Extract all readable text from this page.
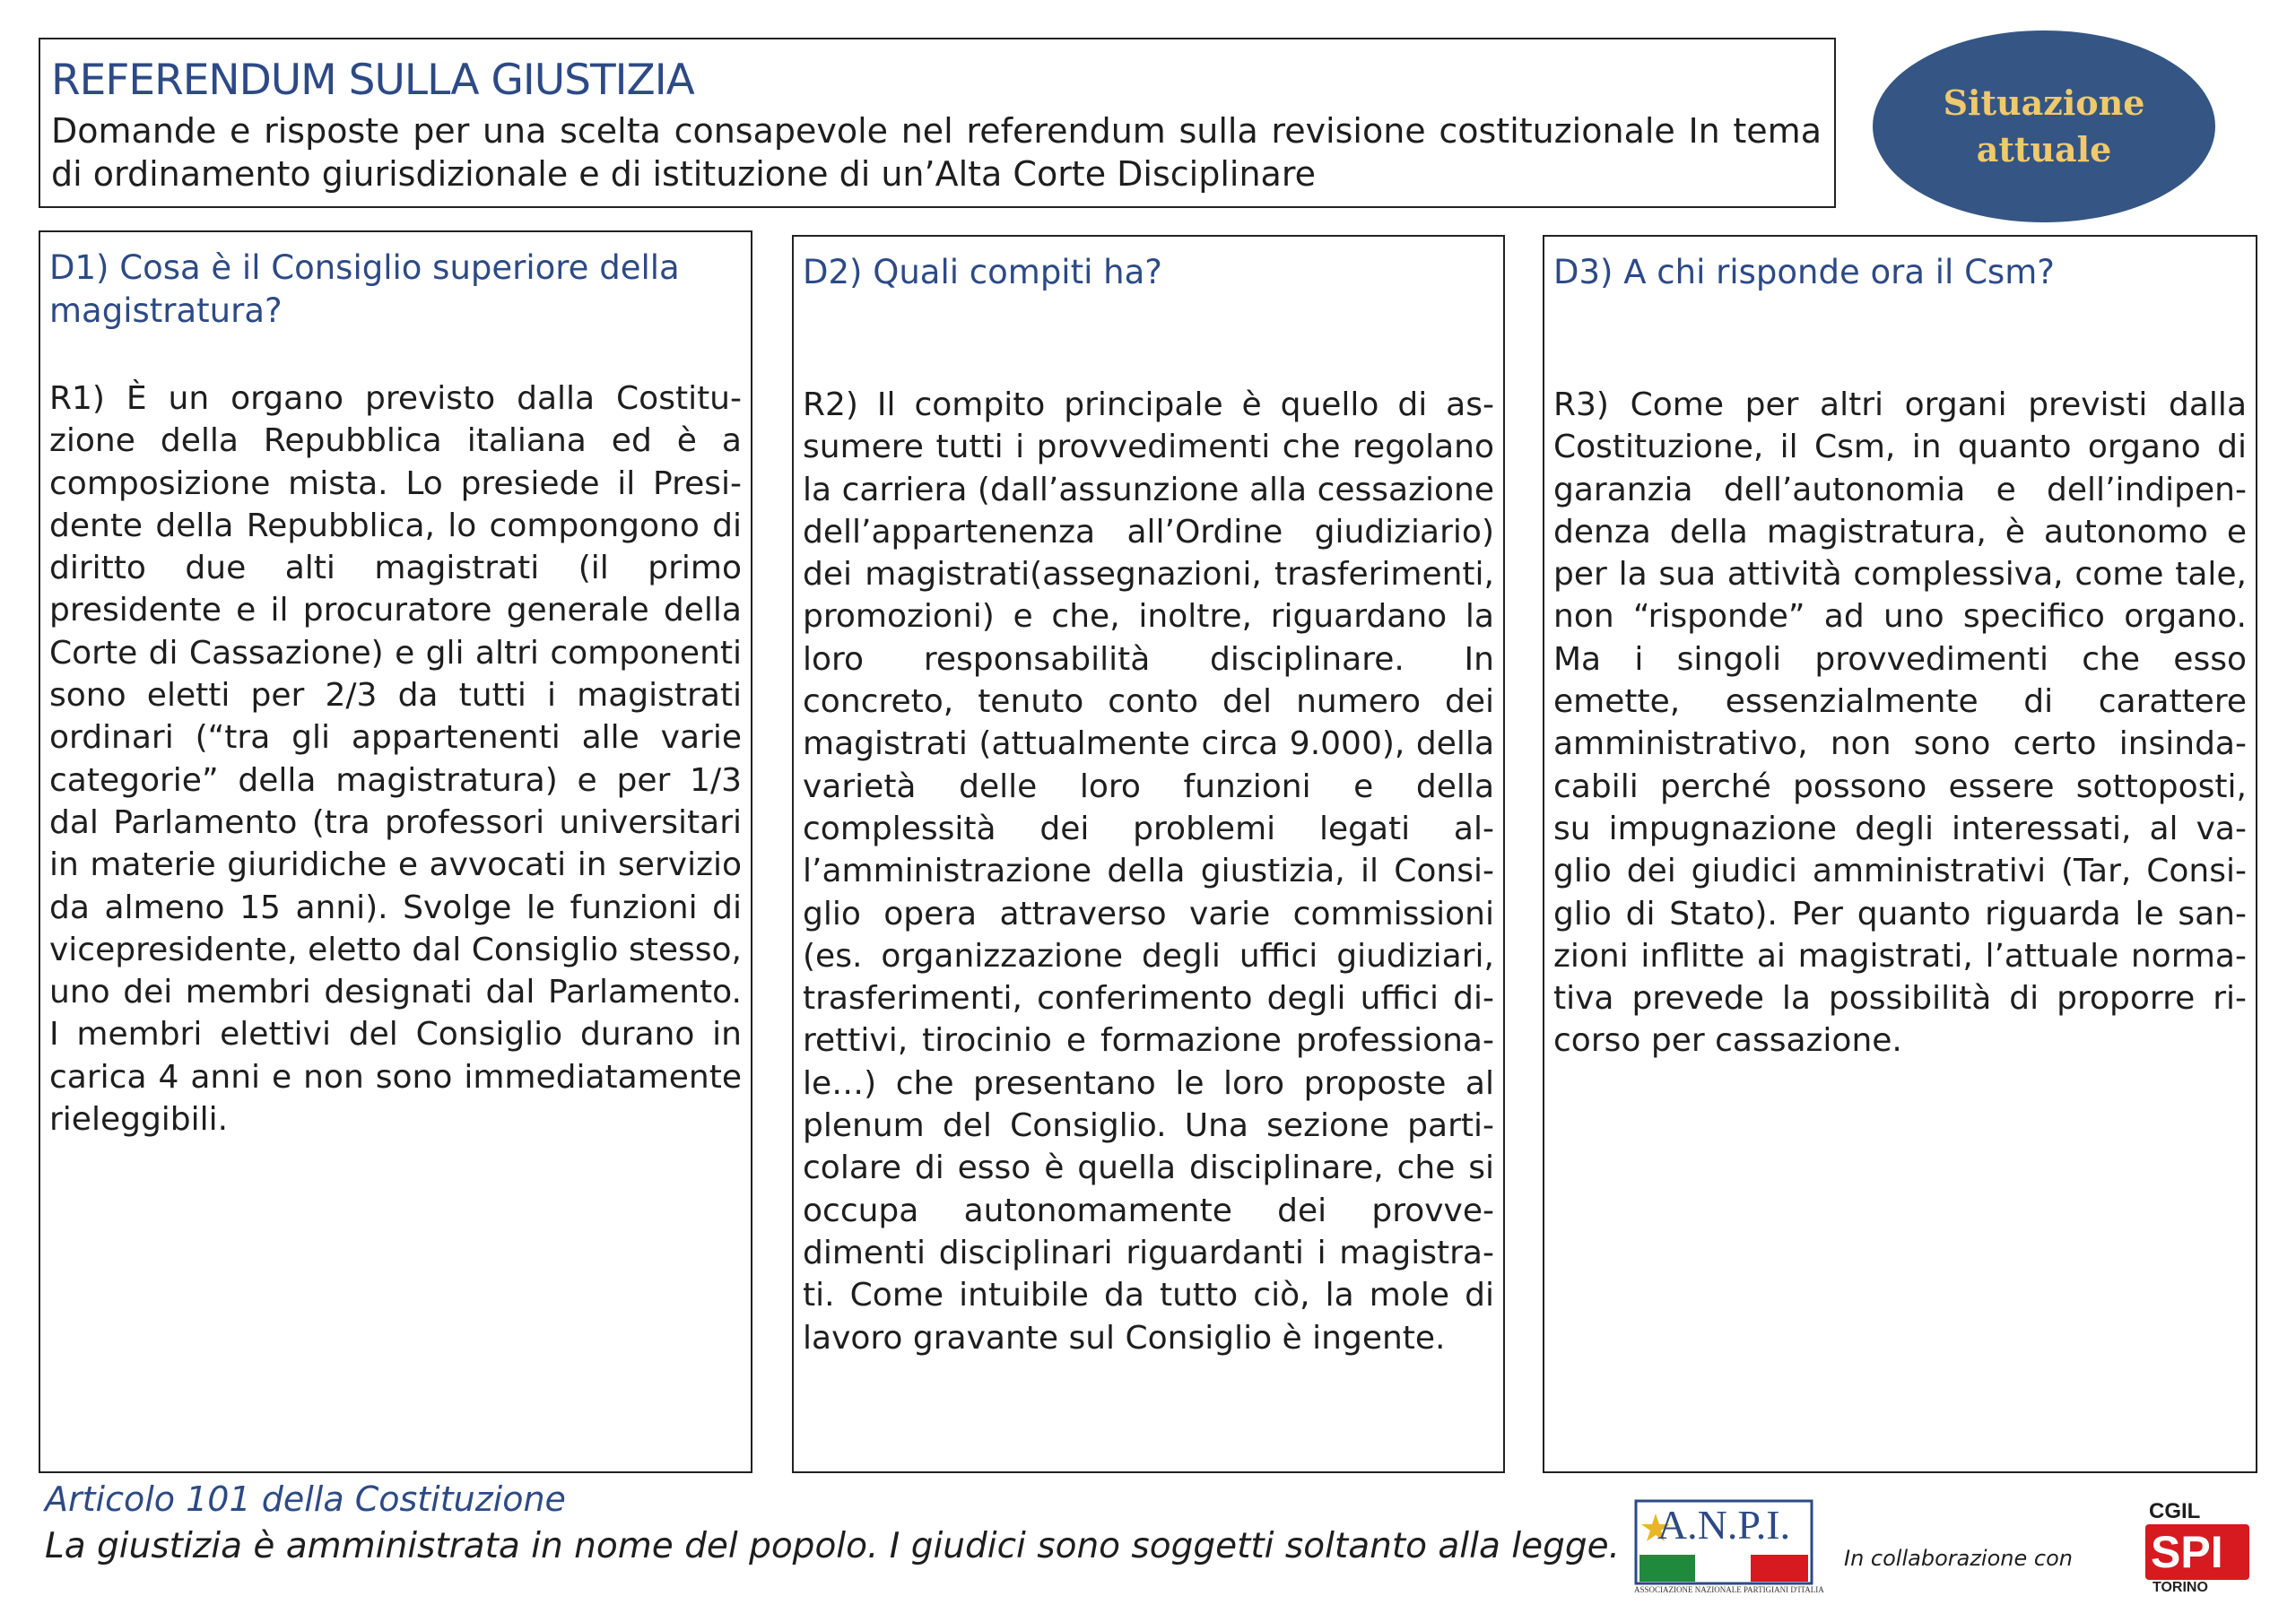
REFERENDUM SULLA GIUSTIZIA

Domande e risposte per una scelta consapevole nel referendum sulla revisione costituzionale In tema di ordinamento giurisdizionale e di istituzione di un’Alta Corte Disciplinare

Situazione attuale

D1) Cosa è il Consiglio superiore della magistratura?

R1) È un organo previsto dalla Costituzione della Repubblica italiana ed è a composizione mista. Lo presiede il Presidente della Repubblica, lo compongono di diritto due alti magistrati (il primo presidente e il procuratore generale della Corte di Cassazione) e gli altri componenti sono eletti per 2/3 da tutti i magistrati ordinari (“tra gli appartenenti alle varie categorie” della magistratura) e per 1/3 dal Parlamento (tra professori universitari in materie giuridiche e avvocati in servizio da almeno 15 anni). Svolge le funzioni di vicepresidente, eletto dal Consiglio stesso, uno dei membri designati dal Parlamento. I membri elettivi del Consiglio durano in carica 4 anni e non sono immediatamente rieleggibili.

D2) Quali compiti ha?

R2) Il compito principale è quello di assumere tutti i provvedimenti che regolano la carriera (dall’assunzione alla cessazione dell’appartenenza all’Ordine giudiziario) dei magistrati(assegnazioni, trasferimenti, promozioni) e che, inoltre, riguardano la loro responsabilità disciplinare. In concreto, tenuto conto del numero dei magistrati (attualmente circa 9.000), della varietà delle loro funzioni e della complessità dei problemi legati all’amministrazione della giustizia, il Consiglio opera attraverso varie commissioni (es. organizzazione degli uffici giudiziari, trasferimenti, conferimento degli uffici direttivi, tirocinio e formazione professionale…) che presentano le loro proposte al plenum del Consiglio. Una sezione particolare di esso è quella disciplinare, che si occupa autonomamente dei provvedimenti disciplinari riguardanti i magistrati. Come intuibile da tutto ciò, la mole di lavoro gravante sul Consiglio è ingente.

D3) A chi risponde ora il Csm?

R3) Come per altri organi previsti dalla Costituzione, il Csm, in quanto organo di garanzia dell’autonomia e dell’indipendenza della magistratura, è autonomo e per la sua attività complessiva, come tale, non “risponde” ad uno specifico organo. Ma i singoli provvedimenti che esso emette, essenzialmente di carattere amministrativo, non sono certo insindacabili perché possono essere sottoposti, su impugnazione degli interessati, al vaglio dei giudici amministrativi (Tar, Consiglio di Stato). Per quanto riguarda le sanzioni inflitte ai magistrati, l’attuale normativa prevede la possibilità di proporre ricorso per cassazione.

Articolo 101 della Costituzione

La giustizia è amministrata in nome del popolo. I giudici sono soggetti soltanto alla legge. A.N.P.I.
ASSOCIAZIONE NAZIONALE PARTIGIANI D'ITALIA
In collaborazione con
CGIL
SPI
TORINO
